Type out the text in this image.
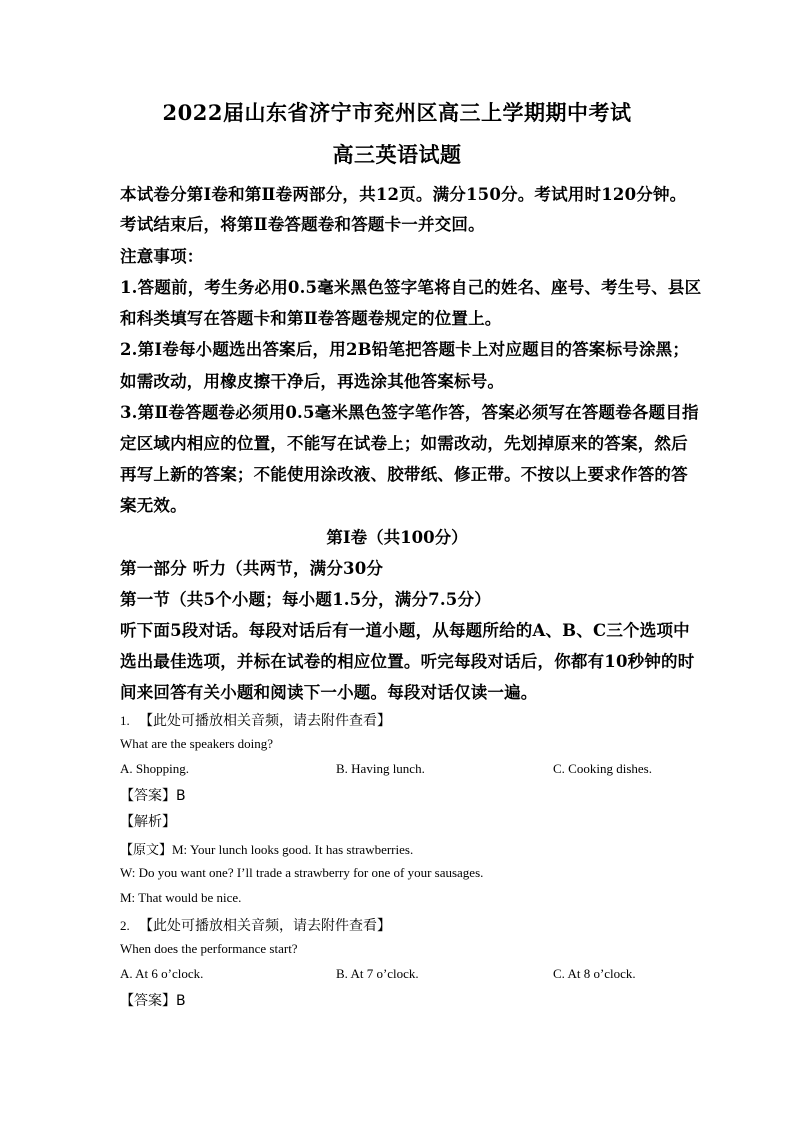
2022届山东省济宁市兖州区高三上学期期中考试
高三英语试题
本试卷分第Ⅰ卷和第Ⅱ卷两部分，共12页。满分150分。考试用时120分钟。
考试结束后，将第Ⅱ卷答题卷和答题卡一并交回。
注意事项：
1.答题前，考生务必用0.5毫米黑色签字笔将自己的姓名、座号、考生号、县区
和科类填写在答题卡和第Ⅱ卷答题卷规定的位置上。
2.第Ⅰ卷每小题选出答案后，用2B铅笔把答题卡上对应题目的答案标号涂黑；
如需改动，用橡皮擦干净后，再选涂其他答案标号。
3.第Ⅱ卷答题卷必须用0.5毫米黑色签字笔作答，答案必须写在答题卷各题目指
定区域内相应的位置，不能写在试卷上；如需改动，先划掉原来的答案，然后
再写上新的答案；不能使用涂改液、胶带纸、修正带。不按以上要求作答的答
案无效。
第Ⅰ卷（共100分）
第一部分 听力（共两节，满分30分
第一节（共5个小题；每小题1.5分，满分7.5分）
听下面5段对话。每段对话后有一道小题，从每题所给的A、B、C三个选项中
选出最佳选项，并标在试卷的相应位置。听完每段对话后，你都有10秒钟的时
间来回答有关小题和阅读下一小题。每段对话仅读一遍。
1. 【此处可播放相关音频，请去附件查看】
What are the speakers doing?
A. Shopping.	B. Having lunch.	C. Cooking dishes.
【答案】B
【解析】
【原文】M: Your lunch looks good. It has strawberries.
W: Do you want one? I’ll trade a strawberry for one of your sausages.
M: That would be nice.
2. 【此处可播放相关音频，请去附件查看】
When does the performance start?
A. At 6 o’clock.	B. At 7 o’clock.	C. At 8 o’clock.
【答案】B
